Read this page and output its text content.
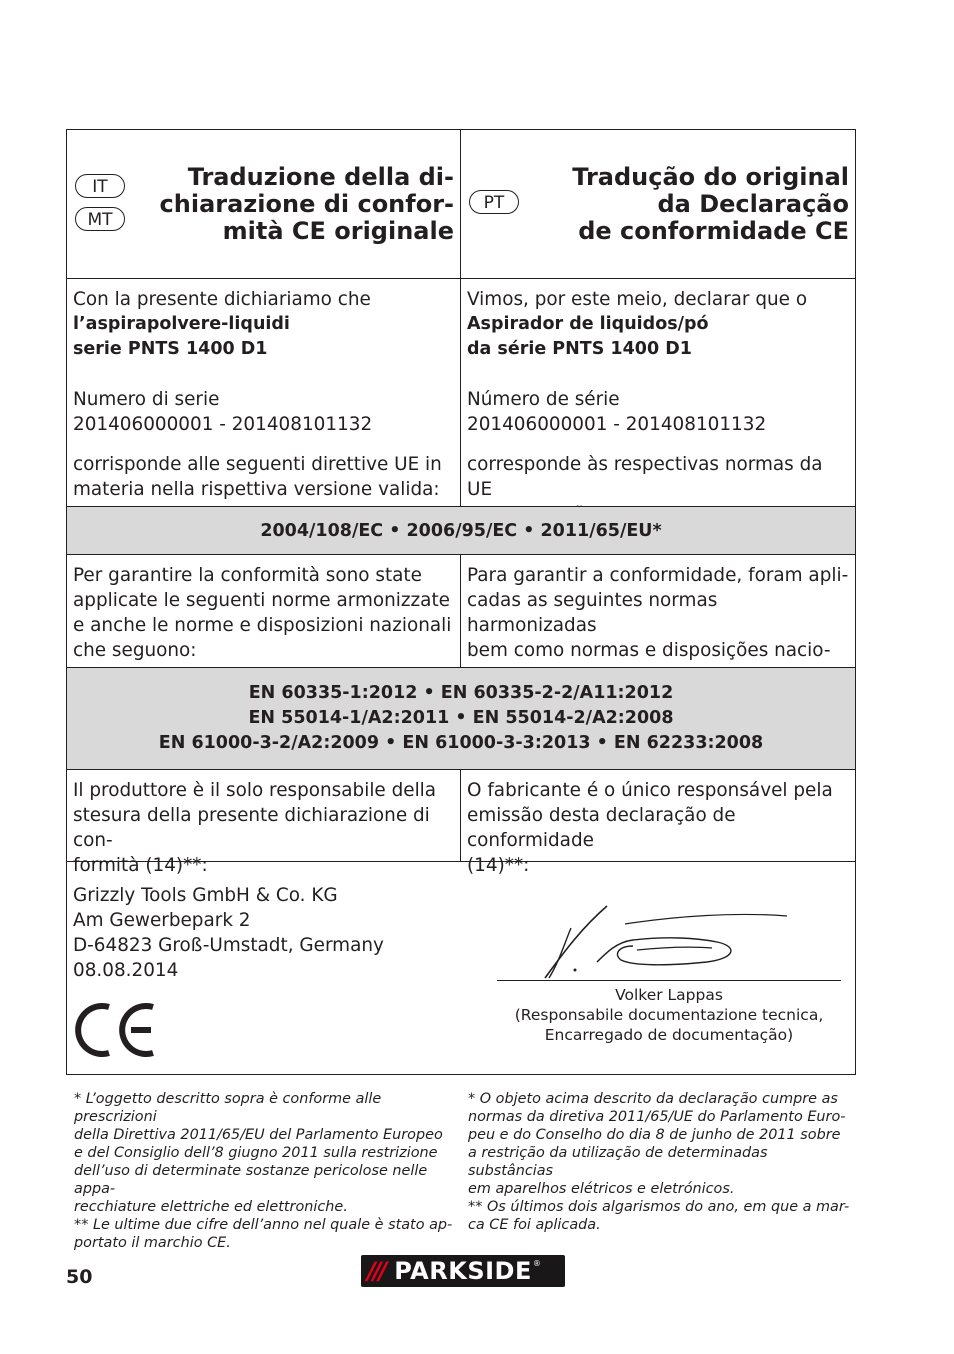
IT
MT
Traduzione della di-
chiarazione di confor-
mità CE originale
PT
Tradução do original
da Declaração
de conformidade CE
Con la presente dichiariamo che
l’aspirapolvere-liquidi
serie PNTS 1400 D1
Numero di serie
201406000001 - 201408101132
corrisponde alle seguenti direttive UE in
materia nella rispettiva versione valida:
Vimos, por este meio, declarar que o
Aspirador de liquidos/pó
da série PNTS 1400 D1
Número de série
201406000001 - 201408101132
corresponde às respectivas normas da UE
2004/108/EC • 2006/95/EC • 2011/65/EU*
Per garantire la conformità sono state
applicate le seguenti norme armonizzate
e anche le norme e disposizioni nazionali
che seguono:
Para garantir a conformidade, foram apli-
cadas as seguintes normas harmonizadas
bem como normas e disposições nacio-
EN 60335-1:2012 • EN 60335-2-2/A11:2012
EN 55014-1/A2:2011 • EN 55014-2/A2:2008
EN 61000-3-2/A2:2009 • EN 61000-3-3:2013 • EN 62233:2008
Il produttore è il solo responsabile della
stesura della presente dichiarazione di con-
formità (14)**:
O fabricante é o único responsável pela
emissão desta declaração de conformidade
(14)**:
Grizzly Tools GmbH & Co. KG
Am Gewerbepark 2
D-64823 Groß-Umstadt, Germany
08.08.2014
Volker Lappas
(Responsabile documentazione tecnica,
Encarregado de documentação)
* L’oggetto descritto sopra è conforme alle prescrizioni
della Direttiva 2011/65/EU del Parlamento Europeo
e del Consiglio dell’8 giugno 2011 sulla restrizione
dell’uso di determinate sostanze pericolose nelle appa-
recchiature elettriche ed elettroniche.
** Le ultime due cifre dell’anno nel quale è stato ap-
portato il marchio CE.
* O objeto acima descrito da declaração cumpre as
normas da diretiva 2011/65/UE do Parlamento Euro-
peu e do Conselho do dia 8 de junho de 2011 sobre
a restrição da utilização de determinadas substâncias
em aparelhos elétricos e eletrónicos.
** Os últimos dois algarismos do ano, em que a mar-
ca CE foi aplicada.
50	/// PARKSIDE ®
